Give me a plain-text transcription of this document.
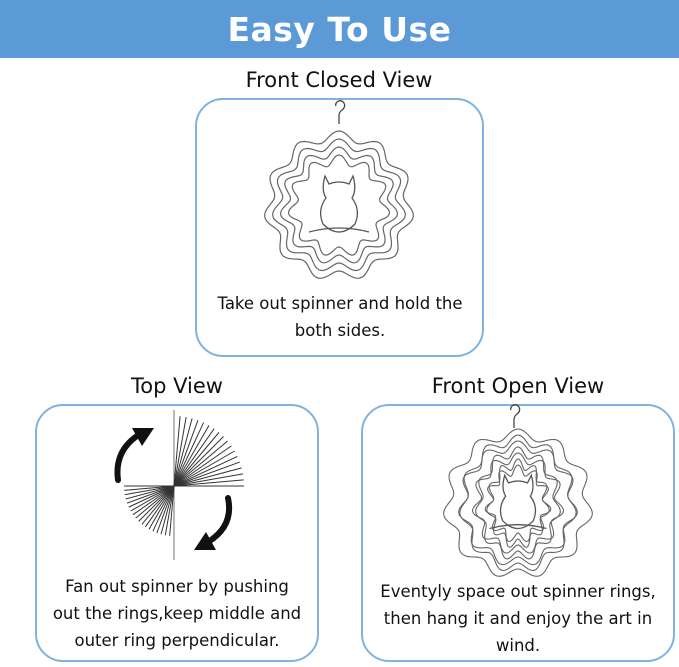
Easy To Use
Front Closed View
Take out spinner and hold the
both sides.
Top View
Fan out spinner by pushing
out the rings,keep middle and
outer ring perpendicular.
Front Open View
Eventyly space out spinner rings,
then hang it and enjoy the art in
wind.
